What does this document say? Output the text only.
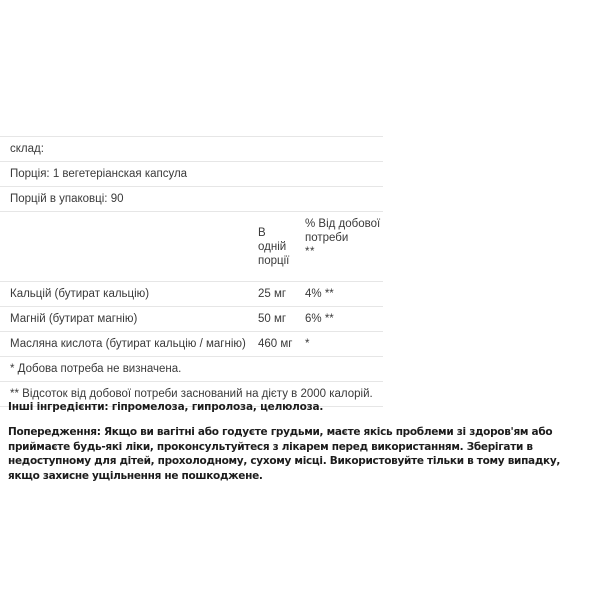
склад:		
Порція: 1 вегетеріанская капсула		
Порцій в упаковці: 90		
	В одній порції	% Від добової потреби
**

Кальцій (бутират кальцію)	25 мг	4% **
Магній (бутират магнію)	50 мг	6% **
Масляна кислота (бутират кальцію / магнію)	460 мг	*
* Добова потреба не визначена.		
** Відсоток від добової потреби заснований на дієту в 2000 калорій.		
Інші інгредієнти: гіпромелоза, гипролоза, целюлоза.
Попередження: Якщо ви вагітні або годуєте грудьми, маєте якісь проблеми зі здоров'ям або приймаєте будь-які ліки, проконсультуйтеся з лікарем перед використанням. Зберігати в недоступному для дітей, прохолодному, сухому місці. Використовуйте тільки в тому випадку, якщо захисне ущільнення не пошкоджене.
